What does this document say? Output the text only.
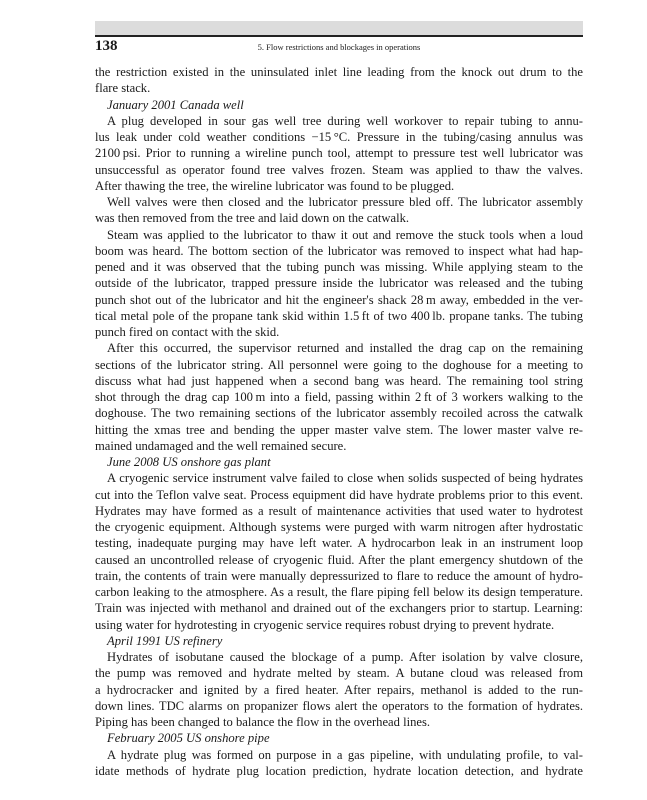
138	5. Flow restrictions and blockages in operations
the restriction existed in the uninsulated inlet line leading from the knock out drum to the
flare stack.
January 2001 Canada well
A plug developed in sour gas well tree during well workover to repair tubing to annu-
lus leak under cold weather conditions −15 °C. Pressure in the tubing/casing annulus was
2100 psi. Prior to running a wireline punch tool, attempt to pressure test well lubricator was
unsuccessful as operator found tree valves frozen. Steam was applied to thaw the valves.
After thawing the tree, the wireline lubricator was found to be plugged.
Well valves were then closed and the lubricator pressure bled off. The lubricator assembly
was then removed from the tree and laid down on the catwalk.
Steam was applied to the lubricator to thaw it out and remove the stuck tools when a loud
boom was heard. The bottom section of the lubricator was removed to inspect what had hap-
pened and it was observed that the tubing punch was missing. While applying steam to the
outside of the lubricator, trapped pressure inside the lubricator was released and the tubing
punch shot out of the lubricator and hit the engineer's shack 28 m away, embedded in the ver-
tical metal pole of the propane tank skid within 1.5 ft of two 400 lb. propane tanks. The tubing
punch fired on contact with the skid.
After this occurred, the supervisor returned and installed the drag cap on the remaining
sections of the lubricator string. All personnel were going to the doghouse for a meeting to
discuss what had just happened when a second bang was heard. The remaining tool string
shot through the drag cap 100 m into a field, passing within 2 ft of 3 workers walking to the
doghouse. The two remaining sections of the lubricator assembly recoiled across the catwalk
hitting the xmas tree and bending the upper master valve stem. The lower master valve re-
mained undamaged and the well remained secure.
June 2008 US onshore gas plant
A cryogenic service instrument valve failed to close when solids suspected of being hydrates
cut into the Teflon valve seat. Process equipment did have hydrate problems prior to this event.
Hydrates may have formed as a result of maintenance activities that used water to hydrotest
the cryogenic equipment. Although systems were purged with warm nitrogen after hydrostatic
testing, inadequate purging may have left water. A hydrocarbon leak in an instrument loop
caused an uncontrolled release of cryogenic fluid. After the plant emergency shutdown of the
train, the contents of train were manually depressurized to flare to reduce the amount of hydro-
carbon leaking to the atmosphere. As a result, the flare piping fell below its design temperature.
Train was injected with methanol and drained out of the exchangers prior to startup. Learning:
using water for hydrotesting in cryogenic service requires robust drying to prevent hydrate.
April 1991 US refinery
Hydrates of isobutane caused the blockage of a pump. After isolation by valve closure,
the pump was removed and hydrate melted by steam. A butane cloud was released from
a hydrocracker and ignited by a fired heater. After repairs, methanol is added to the run-
down lines. TDC alarms on propanizer flows alert the operators to the formation of hydrates.
Piping has been changed to balance the flow in the overhead lines.
February 2005 US onshore pipe
A hydrate plug was formed on purpose in a gas pipeline, with undulating profile, to val-
idate methods of hydrate plug location prediction, hydrate location detection, and hydrate
